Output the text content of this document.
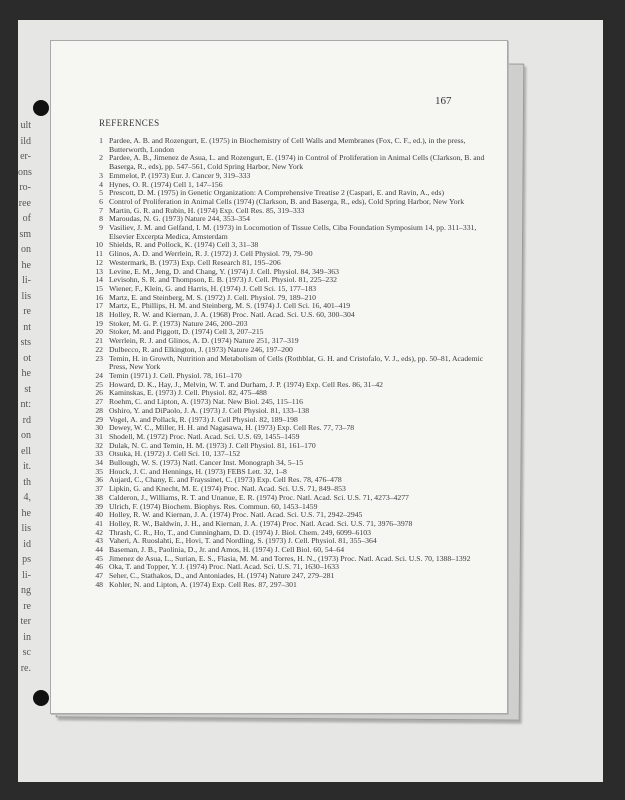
ult
ild
er-
ons
ro-
ree
of
sm
on
he
li-
lis
re
nt
sts
ot
he
st
nt:
rd
on
ell
it.
th
4,
he
lis
id
ps
li-
ng
re
ter
in
sc
re.
167
REFERENCES
1 Pardee, A. B. and Rozengurt, E. (1975) in Biochemistry of Cell Walls and Membranes (Fox, C. F., ed.), in the press, Butterworth, London
2 Pardee, A. B., Jimenez de Asua, L. and Rozengurt, E. (1974) in Control of Proliferation in Animal Cells (Clarkson, B. and Baserga, R., eds), pp. 547–561, Cold Spring Harbor, New York
3 Emmelot, P. (1973) Eur. J. Cancer 9, 319–333
4 Hynes, O. R. (1974) Cell 1, 147–156
5 Prescott, D. M. (1975) in Genetic Organization: A Comprehensive Treatise 2 (Caspari, E. and Ravin, A., eds)
6 Control of Proliferation in Animal Cells (1974) (Clarkson, B. and Baserga, R., eds), Cold Spring Harbor, New York
7 Martin, G. R. and Rubin, H. (1974) Exp. Cell Res. 85, 319–333
8 Maroudas, N. G. (1973) Nature 244, 353–354
9 Vasiliev, J. M. and Gelfand, I. M. (1973) in Locomotion of Tissue Cells, Ciba Foundation Symposium 14, pp. 311–331, Elsevier Excerpta Medica, Amsterdam
10 Shields, R. and Pollock, K. (1974) Cell 3, 31–38
11 Glinos, A. D. and Werrlein, R. J. (1972) J. Cell Physiol. 79, 79–90
12 Westermark, B. (1973) Exp. Cell Research 81, 195–206
13 Levine, E. M., Jeng, D. and Chang, Y. (1974) J. Cell. Physiol. 84, 349–363
14 Levisohn, S. R. and Thompson, E. B. (1973) J. Cell. Physiol. 81, 225–232
15 Wiener, F., Klein, G. and Harris, H. (1974) J. Cell Sci. 15, 177–183
16 Martz, E. and Steinberg, M. S. (1972) J. Cell. Physiol. 79, 189–210
17 Martz, E., Phillips, H. M. and Steinberg, M. S. (1974) J. Cell Sci. 16, 401–419
18 Holley, R. W. and Kiernan, J. A. (1968) Proc. Natl. Acad. Sci. U.S. 60, 300–304
19 Stoker, M. G. P. (1973) Nature 246, 200–203
20 Stoker, M. and Piggott, D. (1974) Cell 3, 207–215
21 Werrlein, R. J. and Glinos, A. D. (1974) Nature 251, 317–319
22 Dulbecco, R. and Elkington, J. (1973) Nature 246, 197–200
23 Temin, H. in Growth, Nutrition and Metabolism of Cells (Rothblat, G. H. and Cristofalo, V. J., eds), pp. 50–81, Academic Press, New York
24 Temin (1971) J. Cell. Physiol. 78, 161–170
25 Howard, D. K., Hay, J., Melvin, W. T. and Durham, J. P. (1974) Exp. Cell Res. 86, 31–42
26 Kaminskas, E. (1973) J. Cell. Physiol. 82, 475–488
27 Roehm, C. and Lipton, A. (1973) Nat. New Biol. 245, 115–116
28 Oshiro, Y. and DiPaolo, J. A. (1973) J. Cell Physiol. 81, 133–138
29 Vogel, A. and Pollack, R. (1973) J. Cell Physiol. 82, 189–198
30 Dewey, W. C., Miller, H. H. and Nagasawa, H. (1973) Exp. Cell Res. 77, 73–78
31 Shodell, M. (1972) Proc. Natl. Acad. Sci. U.S. 69, 1455–1459
32 Dulak, N. C. and Temin, H. M. (1973) J. Cell Physiol. 81, 161–170
33 Otsuka, H. (1972) J. Cell Sci. 10, 137–152
34 Bullough, W. S. (1973) Natl. Cancer Inst. Monograph 34, 5–15
35 Houck, J. C. and Hennings, H. (1973) FEBS Lett. 32, 1–8
36 Aujard, C., Chany, E. and Frayssinet, C. (1973) Exp. Cell Res. 78, 476–478
37 Lipkin, G. and Knecht, M. E. (1974) Proc. Natl. Acad. Sci. U.S. 71, 849–853
38 Calderon, J., Williams, R. T. and Unanue, E. R. (1974) Proc. Natl. Acad. Sci. U.S. 71, 4273–4277
39 Ulrich, F. (1974) Biochem. Biophys. Res. Commun. 60, 1453–1459
40 Holley, R. W. and Kiernan, J. A. (1974) Proc. Natl. Acad. Sci. U.S. 71, 2942–2945
41 Holley, R. W., Baldwin, J. H., and Kiernan, J. A. (1974) Proc. Natl. Acad. Sci. U.S. 71, 3976–3978
42 Thrash, C. R., Ho, T., and Cunningham, D. D. (1974) J. Biol. Chem. 249, 6099–6103
43 Vaheri, A. Ruoslahti, E., Hovi, T. and Nordling, S. (1973) J. Cell. Physiol. 81, 355–364
44 Baseman, J. B., Paolinia, D., Jr. and Amos, H. (1974) J. Cell Biol. 60, 54–64
45 Jimenez de Asua, L., Surian, E. S., Flasia, M. M. and Torres, H. N., (1973) Proc. Natl. Acad. Sci. U.S. 70, 1388–1392
46 Oka, T. and Topper, Y. J. (1974) Proc. Natl. Acad. Sci. U.S. 71, 1630–1633
47 Seher, C., Stathakos, D., and Antoniades, H. (1974) Nature 247, 279–281
48 Kohler, N. and Lipton, A. (1974) Exp. Cell Res. 87, 297–301
